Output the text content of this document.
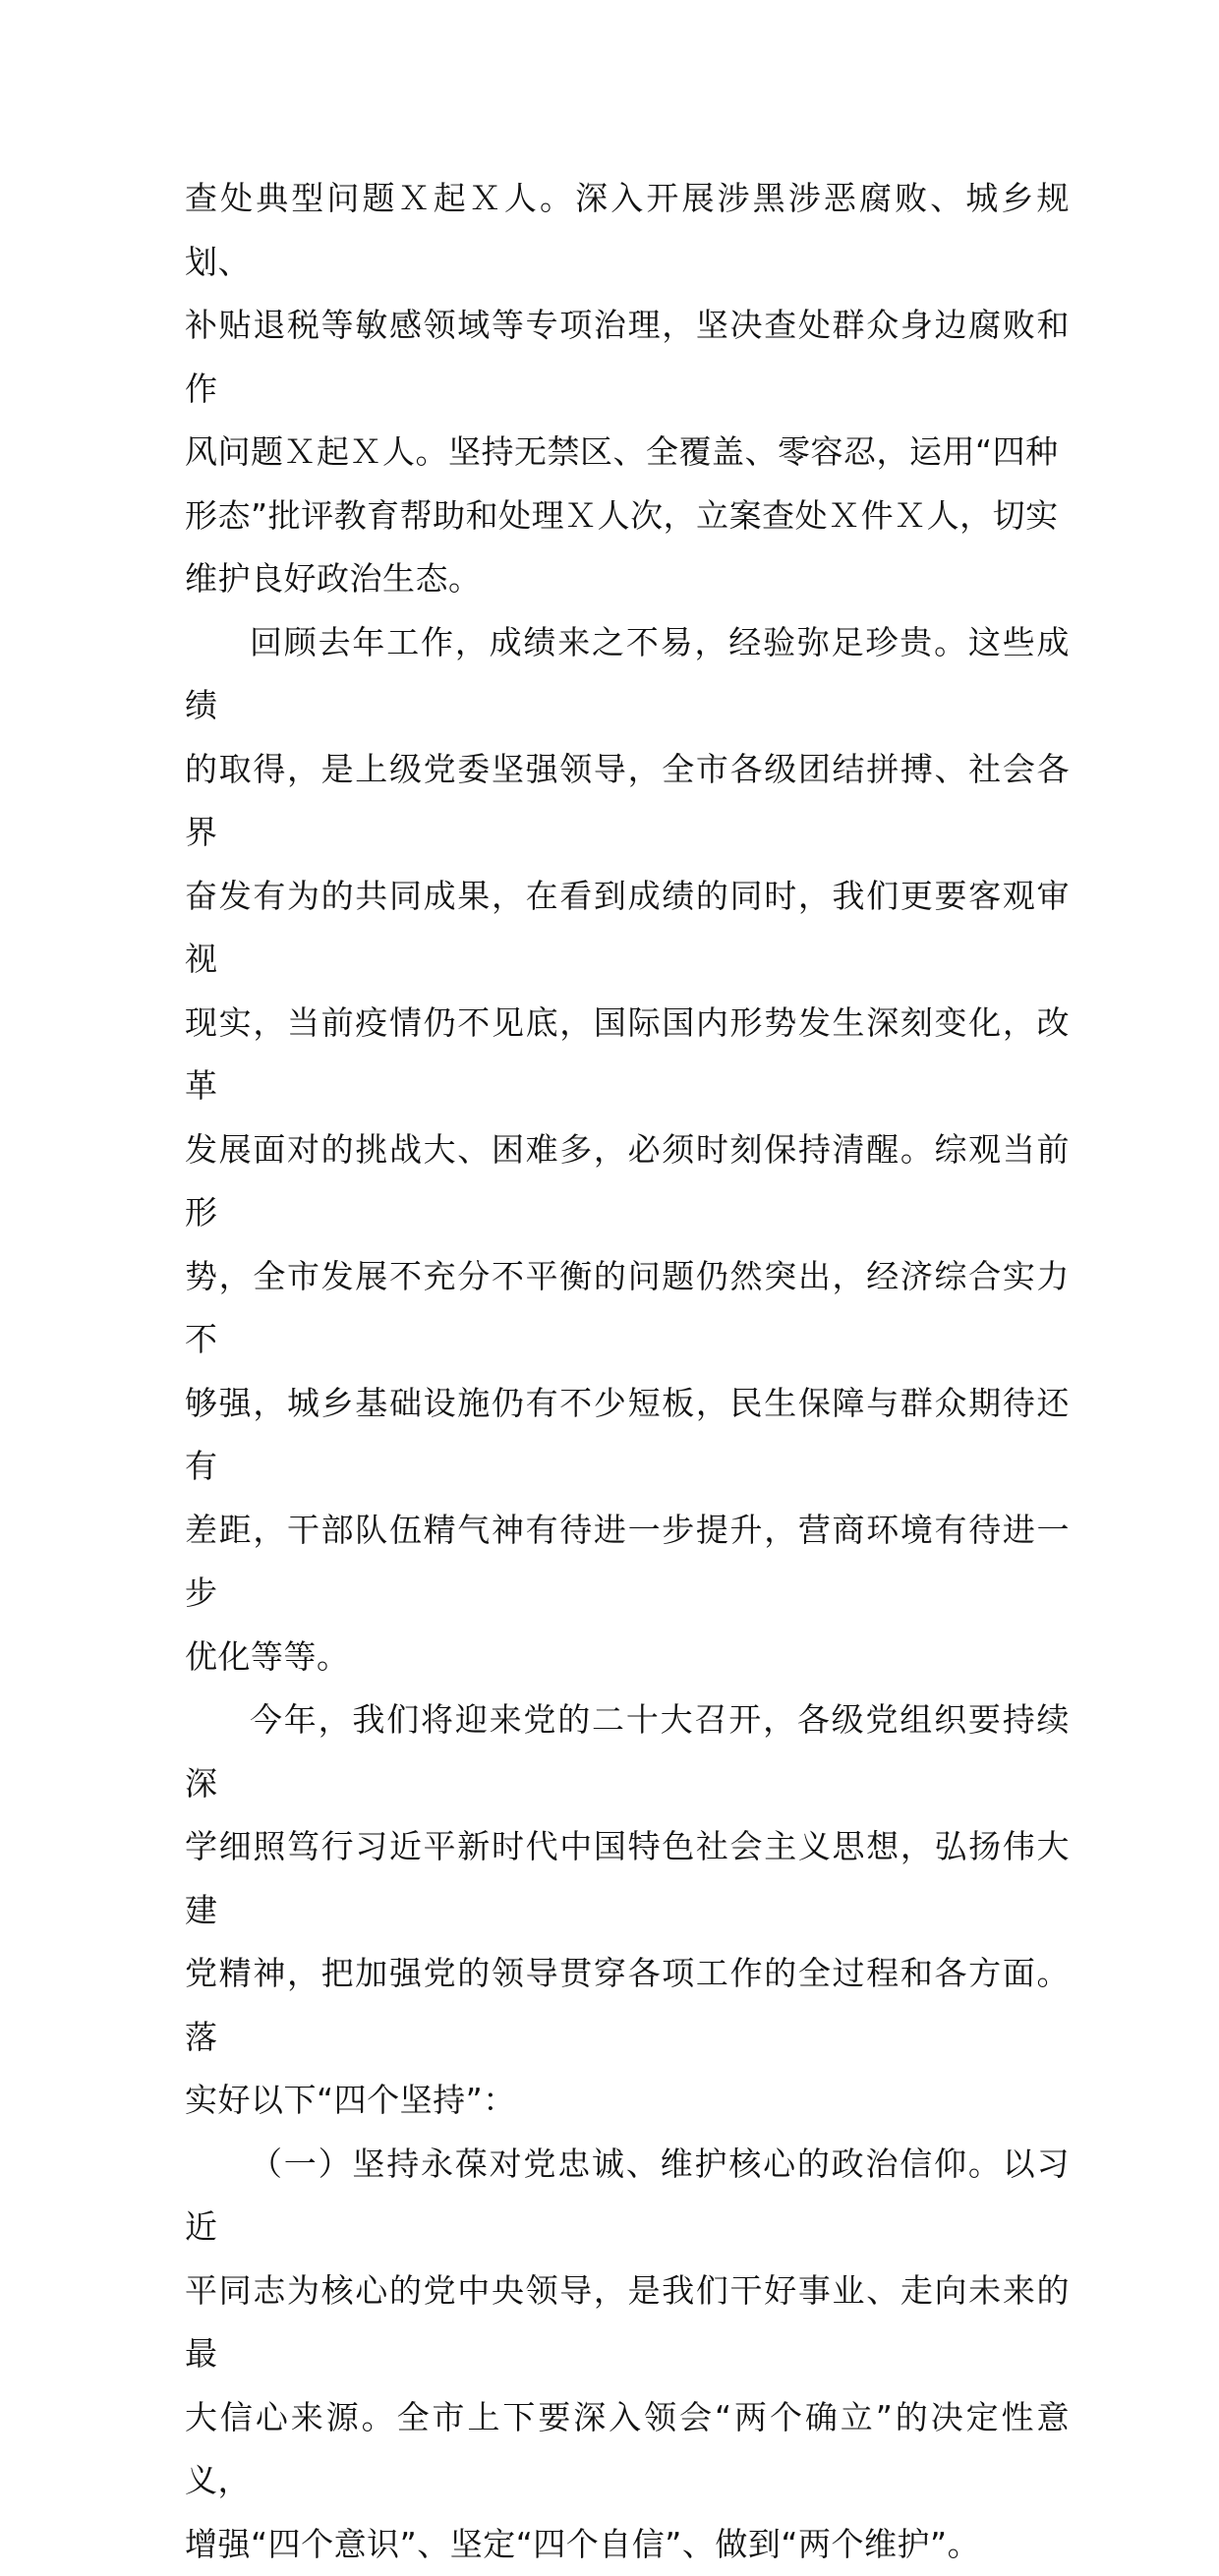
查处典型问题Ｘ起Ｘ人。深入开展涉黑涉恶腐败、城乡规划、
补贴退税等敏感领域等专项治理，坚决查处群众身边腐败和作
风问题Ｘ起Ｘ人。坚持无禁区、全覆盖、零容忍，运用“四种
形态”批评教育帮助和处理Ｘ人次，立案查处Ｘ件Ｘ人，切实
维护良好政治生态。
回顾去年工作，成绩来之不易，经验弥足珍贵。这些成绩
的取得，是上级党委坚强领导，全市各级团结拼搏、社会各界
奋发有为的共同成果，在看到成绩的同时，我们更要客观审视
现实，当前疫情仍不见底，国际国内形势发生深刻变化，改革
发展面对的挑战大、困难多，必须时刻保持清醒。综观当前形
势，全市发展不充分不平衡的问题仍然突出，经济综合实力不
够强，城乡基础设施仍有不少短板，民生保障与群众期待还有
差距，干部队伍精气神有待进一步提升，营商环境有待进一步
优化等等。
今年，我们将迎来党的二十大召开，各级党组织要持续深
学细照笃行习近平新时代中国特色社会主义思想，弘扬伟大建
党精神，把加强党的领导贯穿各项工作的全过程和各方面。落
实好以下“四个坚持”：
（一）坚持永葆对党忠诚、维护核心的政治信仰。以习近
平同志为核心的党中央领导，是我们干好事业、走向未来的最
大信心来源。全市上下要深入领会“两个确立”的决定性意义，
增强“四个意识”、坚定“四个自信”、做到“两个维护”。
